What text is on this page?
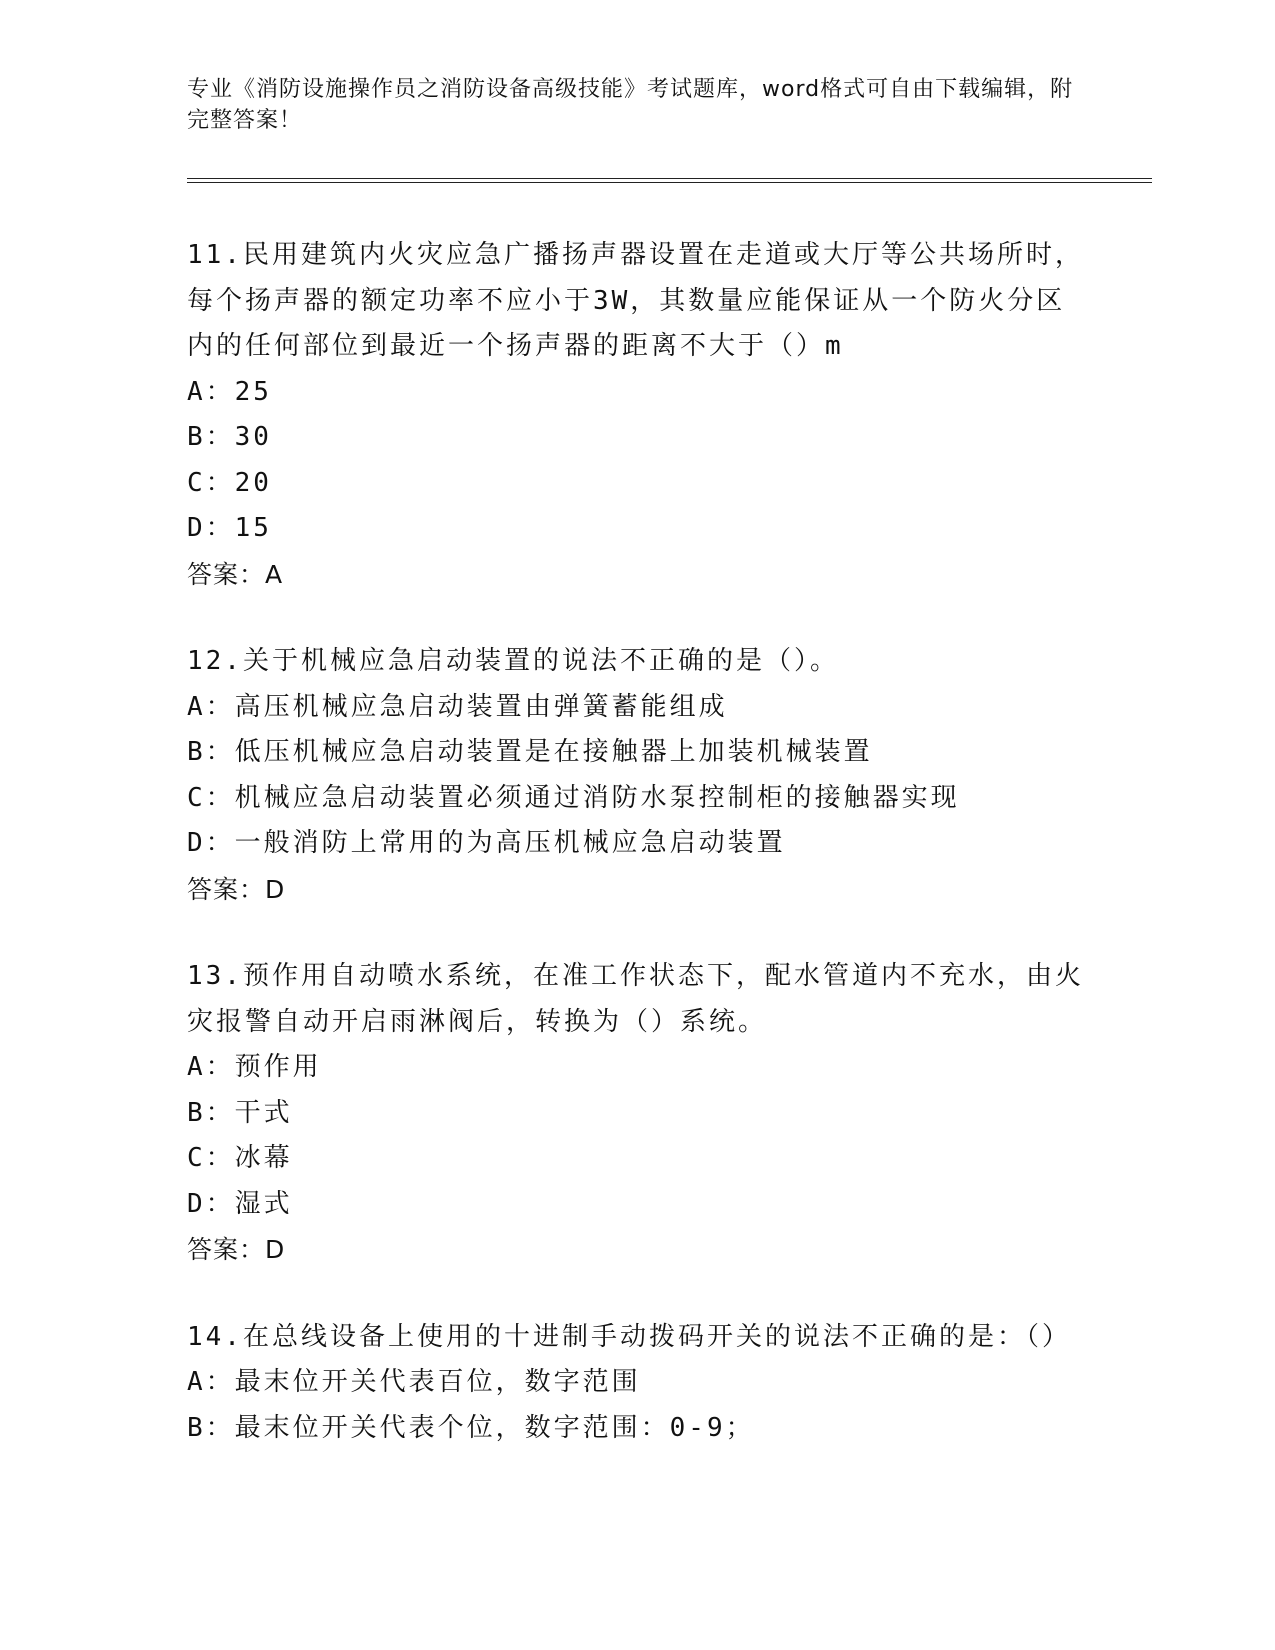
专业《消防设施操作员之消防设备高级技能》考试题库，word格式可自由下载编辑，附完整答案！

11.民用建筑内火灾应急广播扬声器设置在走道或大厅等公共场所时，每个扬声器的额定功率不应小于3W，其数量应能保证从一个防火分区内的任何部位到最近一个扬声器的距离不大于（）m

A：25

B：30

C：20

D：15

答案：A

12.关于机械应急启动装置的说法不正确的是（）。

A：高压机械应急启动装置由弹簧蓄能组成

B：低压机械应急启动装置是在接触器上加装机械装置

C：机械应急启动装置必须通过消防水泵控制柜的接触器实现

D：一般消防上常用的为高压机械应急启动装置

答案：D

13.预作用自动喷水系统，在准工作状态下，配水管道内不充水，由火灾报警自动开启雨淋阀后，转换为（）系统。

A：预作用

B：干式

C：冰幕

D：湿式

答案：D

14.在总线设备上使用的十进制手动拨码开关的说法不正确的是：（）

A：最末位开关代表百位，数字范围

B：最末位开关代表个位，数字范围：0-9；
